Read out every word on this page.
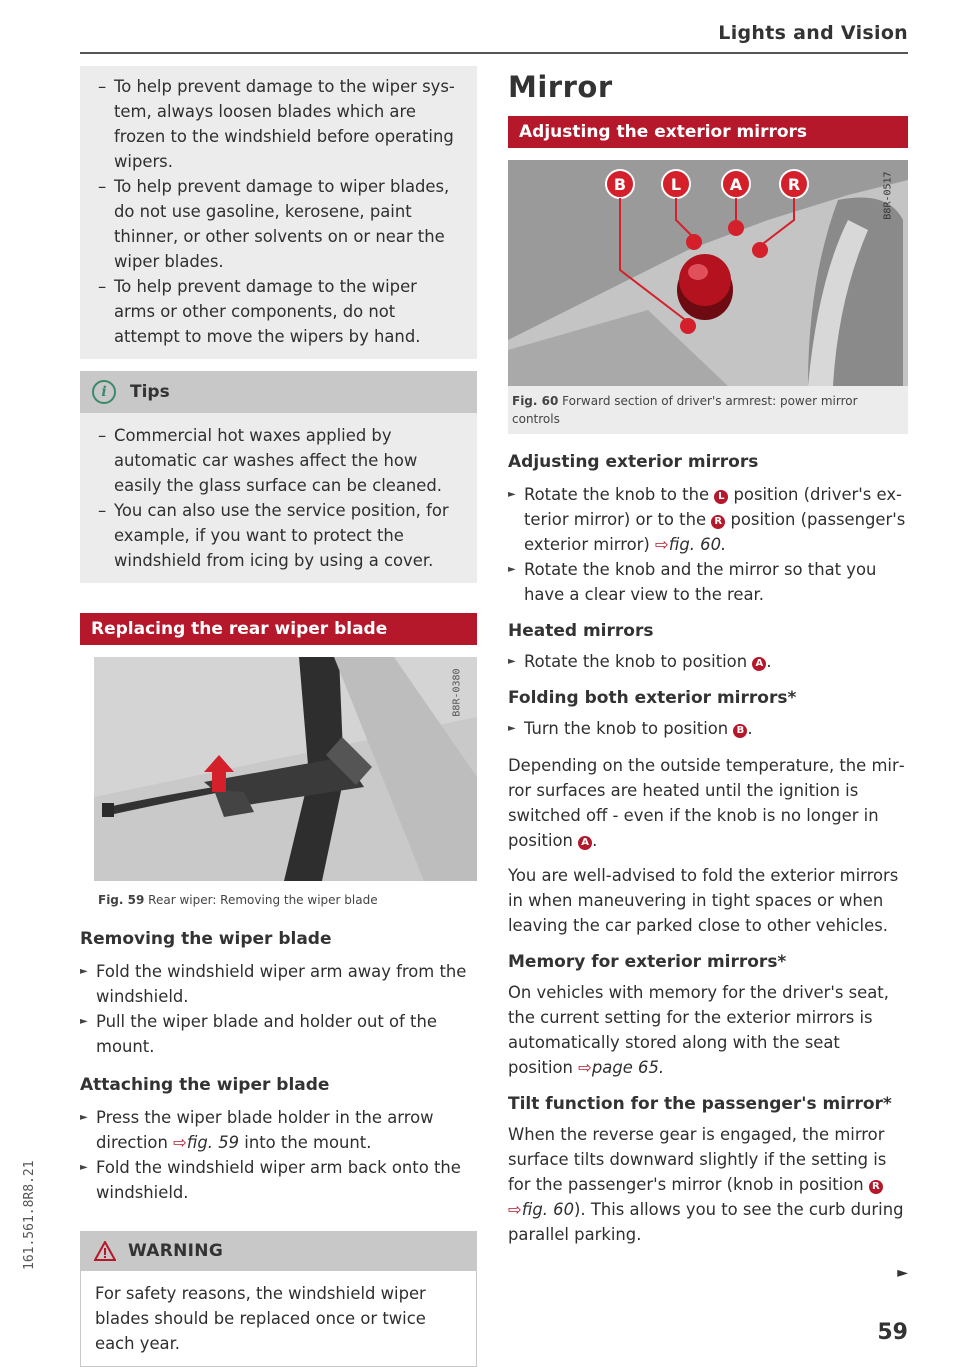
Lights and Vision
161.561.8R8.21
– To help prevent damage to the wiper system, always loosen blades which are frozen to the windshield before operating wipers.
– To help prevent damage to wiper blades, do not use gasoline, kerosene, paint thinner, or other solvents on or near the wiper blades.
– To help prevent damage to the wiper arms or other components, do not attempt to move the wipers by hand.
i	Tips
– Commercial hot waxes applied by automatic car washes affect the how easily the glass surface can be cleaned.
– You can also use the service position, for example, if you want to protect the windshield from icing by using a cover.
Replacing the rear wiper blade
B8R-0380
Fig. 59 Rear wiper: Removing the wiper blade
Removing the wiper blade
► Fold the windshield wiper arm away from the windshield.
► Pull the wiper blade and holder out of the mount.
Attaching the wiper blade
► Press the wiper blade holder in the arrow direction ⇨fig. 59 into the mount.
► Fold the windshield wiper arm back onto the windshield.
WARNING

For safety reasons, the windshield wiper blades should be replaced once or twice each year.

Mirror
Adjusting the exterior mirrors
B	L	A	R	B8R-0517
Fig. 60 Forward section of driver's armrest: power mirror controls
Adjusting exterior mirrors
► Rotate the knob to the L position (driver's exterior mirror) or to the R position (passenger's exterior mirror) ⇨fig. 60.
► Rotate the knob and the mirror so that you have a clear view to the rear.
Heated mirrors
► Rotate the knob to position A .
Folding both exterior mirrors*
► Turn the knob to position B .

Depending on the outside temperature, the mirror surfaces are heated until the ignition is switched off - even if the knob is no longer in position A .

You are well-advised to fold the exterior mirrors in when maneuvering in tight spaces or when leaving the car parked close to other vehicles.

Memory for exterior mirrors*

On vehicles with memory for the driver's seat, the current setting for the exterior mirrors is automatically stored along with the seat position ⇨page 65.

Tilt function for the passenger's mirror*

When the reverse gear is engaged, the mirror surface tilts downward slightly if the setting is for the passenger's mirror (knob in position R ⇨fig. 60). This allows you to see the curb during parallel parking.

►
59
